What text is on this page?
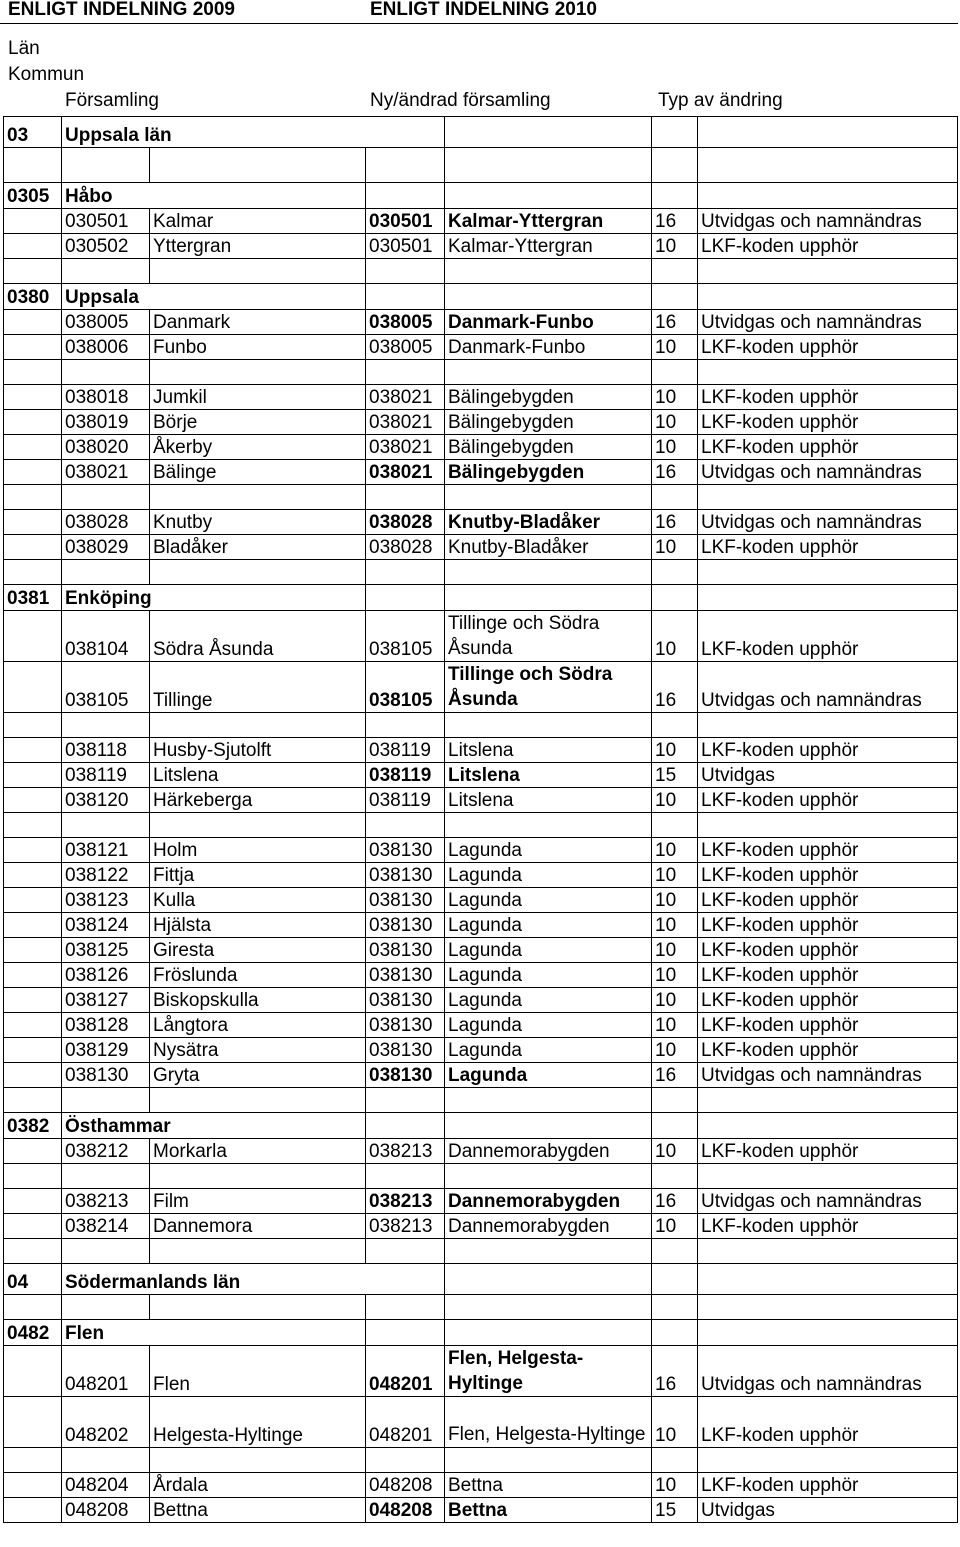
ENLIGT INDELNING 2009	ENLIGT INDELNING 2010
Län
Kommun
Församling	Ny/ändrad församling	Typ av ändring
03	Uppsala län					

0305	Håbo					
	030501	Kalmar	030501	Kalmar-Yttergran	16	Utvidgas och namnändras
	030502	Yttergran	030501	Kalmar-Yttergran	10	LKF-koden upphör

0380	Uppsala					
	038005	Danmark	038005	Danmark-Funbo	16	Utvidgas och namnändras
	038006	Funbo	038005	Danmark-Funbo	10	LKF-koden upphör

	038018	Jumkil	038021	Bälingebygden	10	LKF-koden upphör
	038019	Börje	038021	Bälingebygden	10	LKF-koden upphör
	038020	Åkerby	038021	Bälingebygden	10	LKF-koden upphör
	038021	Bälinge	038021	Bälingebygden	16	Utvidgas och namnändras

	038028	Knutby	038028	Knutby-Bladåker	16	Utvidgas och namnändras
	038029	Bladåker	038028	Knutby-Bladåker	10	LKF-koden upphör

0381	Enköping					
	038104	Södra Åsunda	038105	Tillinge och Södra Åsunda	10	LKF-koden upphör
	038105	Tillinge	038105	Tillinge och Södra Åsunda	16	Utvidgas och namnändras

	038118	Husby-Sjutolft	038119	Litslena	10	LKF-koden upphör
	038119	Litslena	038119	Litslena	15	Utvidgas
	038120	Härkeberga	038119	Litslena	10	LKF-koden upphör

	038121	Holm	038130	Lagunda	10	LKF-koden upphör
	038122	Fittja	038130	Lagunda	10	LKF-koden upphör
	038123	Kulla	038130	Lagunda	10	LKF-koden upphör
	038124	Hjälsta	038130	Lagunda	10	LKF-koden upphör
	038125	Giresta	038130	Lagunda	10	LKF-koden upphör
	038126	Fröslunda	038130	Lagunda	10	LKF-koden upphör
	038127	Biskopskulla	038130	Lagunda	10	LKF-koden upphör
	038128	Långtora	038130	Lagunda	10	LKF-koden upphör
	038129	Nysätra	038130	Lagunda	10	LKF-koden upphör
	038130	Gryta	038130	Lagunda	16	Utvidgas och namnändras

0382	Östhammar					
	038212	Morkarla	038213	Dannemorabygden	10	LKF-koden upphör

	038213	Film	038213	Dannemorabygden	16	Utvidgas och namnändras
	038214	Dannemora	038213	Dannemorabygden	10	LKF-koden upphör

04	Södermanlands län					

0482	Flen					
	048201	Flen	048201	Flen, Helgesta-Hyltinge	16	Utvidgas och namnändras
	048202	Helgesta-Hyltinge	048201	Flen, Helgesta-Hyltinge	10	LKF-koden upphör

	048204	Årdala	048208	Bettna	10	LKF-koden upphör
	048208	Bettna	048208	Bettna	15	Utvidgas
